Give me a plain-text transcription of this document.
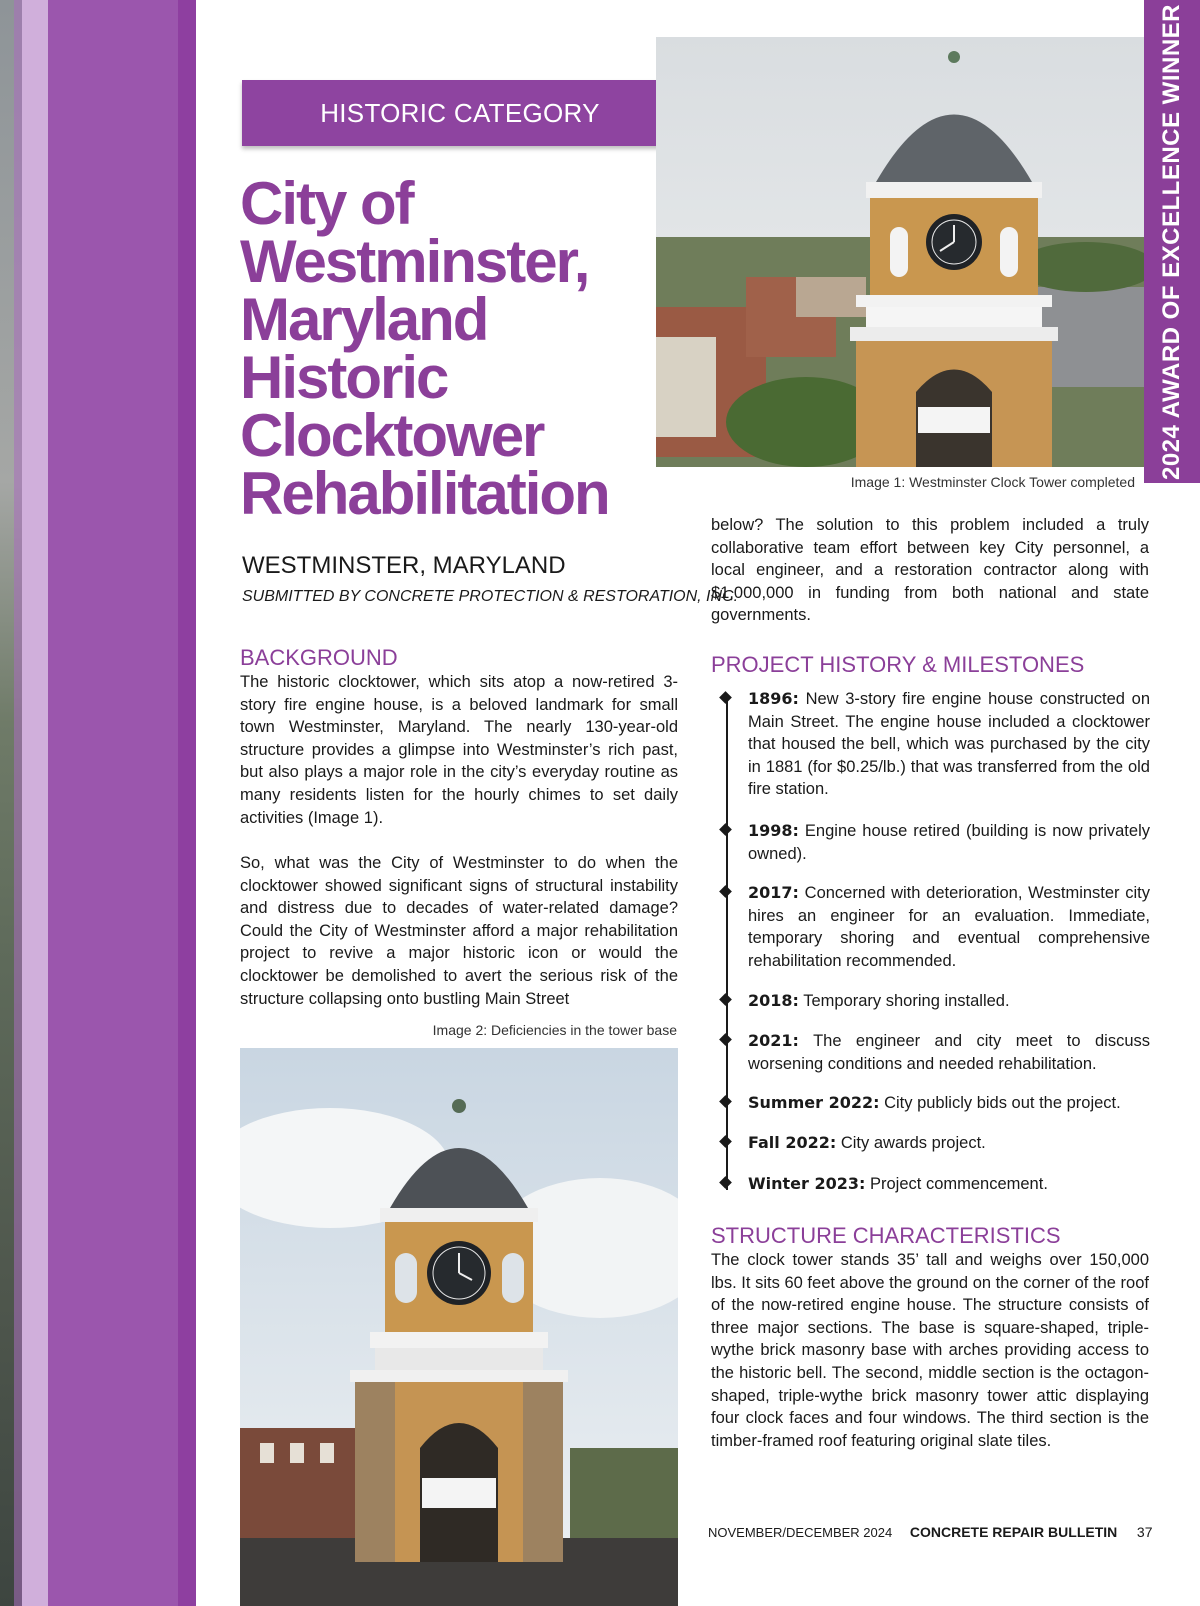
2024 AWARD OF EXCELLENCE WINNER
HISTORIC CATEGORY
City of
Westminster,
Maryland
Historic
Clocktower
Rehabilitation
WESTMINSTER, MARYLAND
SUBMITTED BY CONCRETE PROTECTION & RESTORATION, INC.
BACKGROUND

The historic clocktower, which sits atop a now-retired 3-story fire engine house, is a beloved landmark for small town Westminster, Maryland. The nearly 130-year-old structure provides a glimpse into Westminster’s rich past, but also plays a major role in the city’s everyday routine as many residents listen for the hourly chimes to set daily activities (Image 1).

So, what was the City of Westminster to do when the clocktower showed significant signs of structural instability and distress due to decades of water-related damage? Could the City of Westminster afford a major rehabilitation project to revive a major historic icon or would the clocktower be demolished to avert the serious risk of the structure collapsing onto bustling Main Street

Image 2: Deficiencies in the tower base
Image 1: Westminster Clock Tower completed

below? The solution to this problem included a truly collaborative team effort between key City personnel, a local engineer, and a restoration contractor along with $1,000,000 in funding from both national and state governments.

PROJECT HISTORY & MILESTONES
1896: New 3-story fire engine house constructed on Main Street. The engine house included a clocktower that housed the bell, which was purchased by the city in 1881 (for $0.25/lb.) that was transferred from the old fire station.
1998: Engine house retired (building is now privately owned).
2017: Concerned with deterioration, Westminster city hires an engineer for an evaluation. Immediate, temporary shoring and eventual comprehensive rehabilitation recommended.
2018: Temporary shoring installed.
2021: The engineer and city meet to discuss worsening conditions and needed rehabilitation.
Summer 2022: City publicly bids out the project.
Fall 2022: City awards project.
Winter 2023: Project commencement.
STRUCTURE CHARACTERISTICS

The clock tower stands 35’ tall and weighs over 150,000 lbs. It sits 60 feet above the ground on the corner of the roof of the now-retired engine house. The structure consists of three major sections. The base is square-shaped, triple-wythe brick masonry base with arches providing access to the historic bell. The second, middle section is the octagon-shaped, triple-wythe brick masonry tower attic displaying four clock faces and four windows. The third section is the timber-framed roof featuring original slate tiles.

NOVEMBER/DECEMBER 2024 CONCRETE REPAIR BULLETIN 37
